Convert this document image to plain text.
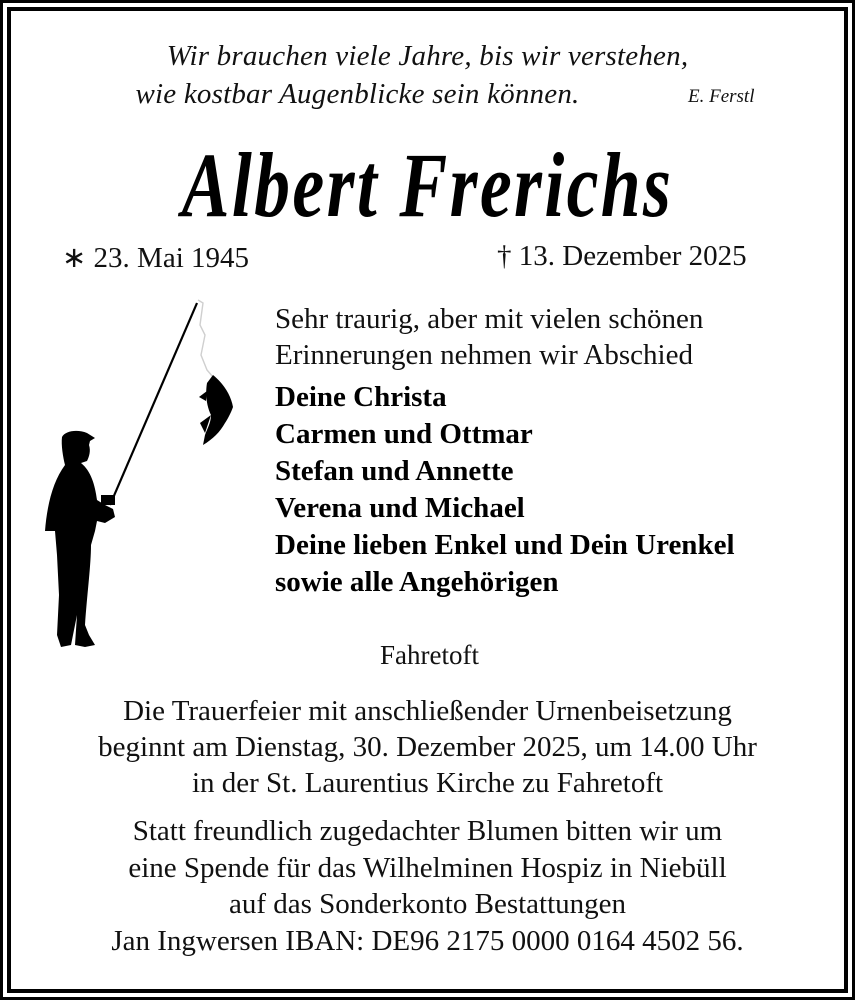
Wir brauchen viele Jahre, bis wir verstehen,
wie kostbar Augenblicke sein können.	E. Ferstl
Albert Frerichs
∗ 23. Mai 1945	† 13. Dezember 2025
Sehr traurig, aber mit vielen schönen
Erinnerungen nehmen wir Abschied
Deine Christa
Carmen und Ottmar
Stefan und Annette
Verena und Michael
Deine lieben Enkel und Dein Urenkel
sowie alle Angehörigen
Fahretoft
Die Trauerfeier mit anschließender Urnenbeisetzung
beginnt am Dienstag, 30. Dezember 2025, um 14.00 Uhr
in der St. Laurentius Kirche zu Fahretoft
Statt freundlich zugedachter Blumen bitten wir um
eine Spende für das Wilhelminen Hospiz in Niebüll
auf das Sonderkonto Bestattungen
Jan Ingwersen IBAN: DE96 2175 0000 0164 4502 56.
